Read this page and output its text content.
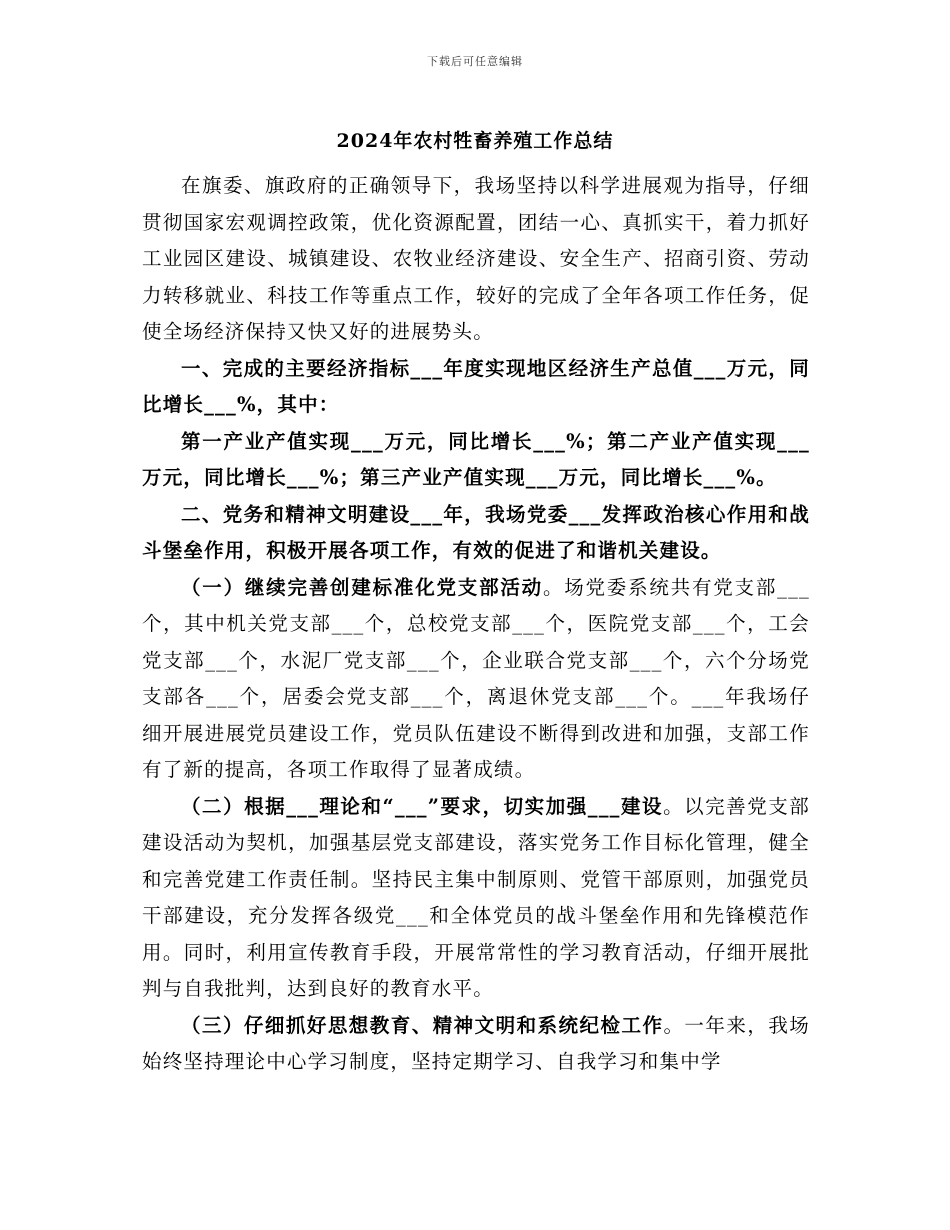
下载后可任意编辑
2024年农村牲畜养殖工作总结

在旗委、旗政府的正确领导下，我场坚持以科学进展观为指导，仔细贯彻国家宏观调控政策，优化资源配置，团结一心、真抓实干，着力抓好工业园区建设、城镇建设、农牧业经济建设、安全生产、招商引资、劳动力转移就业、科技工作等重点工作，较好的完成了全年各项工作任务，促使全场经济保持又快又好的进展势头。

一、完成的主要经济指标___年度实现地区经济生产总值___万元，同比增长___%，其中：

第一产业产值实现___万元，同比增长___%；第二产业产值实现___万元，同比增长___%；第三产业产值实现___万元，同比增长___%。

二、党务和精神文明建设___年，我场党委___发挥政治核心作用和战斗堡垒作用，积极开展各项工作，有效的促进了和谐机关建设。

（一）继续完善创建标准化党支部活动。场党委系统共有党支部___个，其中机关党支部___个，总校党支部___个，医院党支部___个，工会党支部___个，水泥厂党支部___个，企业联合党支部___个，六个分场党支部各___个，居委会党支部___个，离退休党支部___个。___年我场仔细开展进展党员建设工作，党员队伍建设不断得到改进和加强，支部工作有了新的提高，各项工作取得了显著成绩。

（二）根据___理论和“___”要求，切实加强___建设。以完善党支部建设活动为契机，加强基层党支部建设，落实党务工作目标化管理，健全和完善党建工作责任制。坚持民主集中制原则、党管干部原则，加强党员干部建设，充分发挥各级党___和全体党员的战斗堡垒作用和先锋模范作用。同时，利用宣传教育手段，开展常常性的学习教育活动，仔细开展批判与自我批判，达到良好的教育水平。

（三）仔细抓好思想教育、精神文明和系统纪检工作。一年来，我场始终坚持理论中心学习制度，坚持定期学习、自我学习和集中学
